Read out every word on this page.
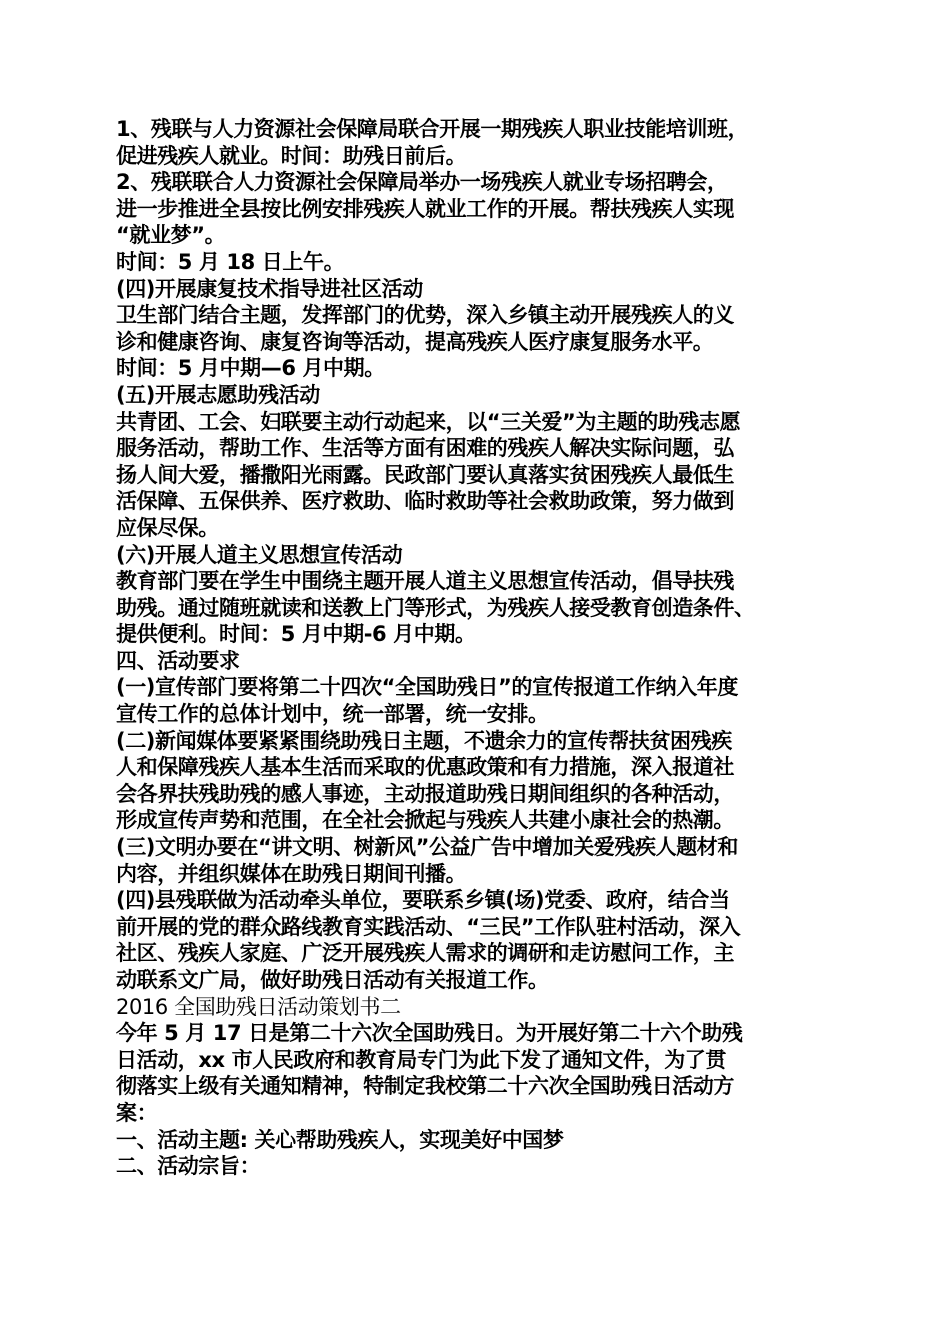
1、残联与人力资源社会保障局联合开展一期残疾人职业技能培训班，
促进残疾人就业。时间：助残日前后。
2、残联联合人力资源社会保障局举办一场残疾人就业专场招聘会，
进一步推进全县按比例安排残疾人就业工作的开展。帮扶残疾人实现
“就业梦”。
时间：5 月 18 日上午。
(四)开展康复技术指导进社区活动
卫生部门结合主题，发挥部门的优势，深入乡镇主动开展残疾人的义
诊和健康咨询、康复咨询等活动，提高残疾人医疗康复服务水平。
时间：5 月中期—6 月中期。
(五)开展志愿助残活动
共青团、工会、妇联要主动行动起来，以“三关爱”为主题的助残志愿
服务活动，帮助工作、生活等方面有困难的残疾人解决实际问题，弘
扬人间大爱，播撒阳光雨露。民政部门要认真落实贫困残疾人最低生
活保障、五保供养、医疗救助、临时救助等社会救助政策，努力做到
应保尽保。
(六)开展人道主义思想宣传活动
教育部门要在学生中围绕主题开展人道主义思想宣传活动，倡导扶残
助残。通过随班就读和送教上门等形式，为残疾人接受教育创造条件、
提供便利。时间：5 月中期-6 月中期。
四、活动要求
(一)宣传部门要将第二十四次“全国助残日”的宣传报道工作纳入年度
宣传工作的总体计划中，统一部署，统一安排。
(二)新闻媒体要紧紧围绕助残日主题，不遗余力的宣传帮扶贫困残疾
人和保障残疾人基本生活而采取的优惠政策和有力措施，深入报道社
会各界扶残助残的感人事迹，主动报道助残日期间组织的各种活动，
形成宣传声势和范围，在全社会掀起与残疾人共建小康社会的热潮。
(三)文明办要在“讲文明、树新风”公益广告中增加关爱残疾人题材和
内容，并组织媒体在助残日期间刊播。
(四)县残联做为活动牵头单位，要联系乡镇(场)党委、政府，结合当
前开展的党的群众路线教育实践活动、“三民”工作队驻村活动，深入
社区、残疾人家庭、广泛开展残疾人需求的调研和走访慰问工作，主
动联系文广局，做好助残日活动有关报道工作。
2016 全国助残日活动策划书二
今年 5 月 17 日是第二十六次全国助残日。为开展好第二十六个助残
日活动，xx 市人民政府和教育局专门为此下发了通知文件，为了贯
彻落实上级有关通知精神，特制定我校第二十六次全国助残日活动方
案：
一、活动主题: 关心帮助残疾人，实现美好中国梦
二、活动宗旨：
